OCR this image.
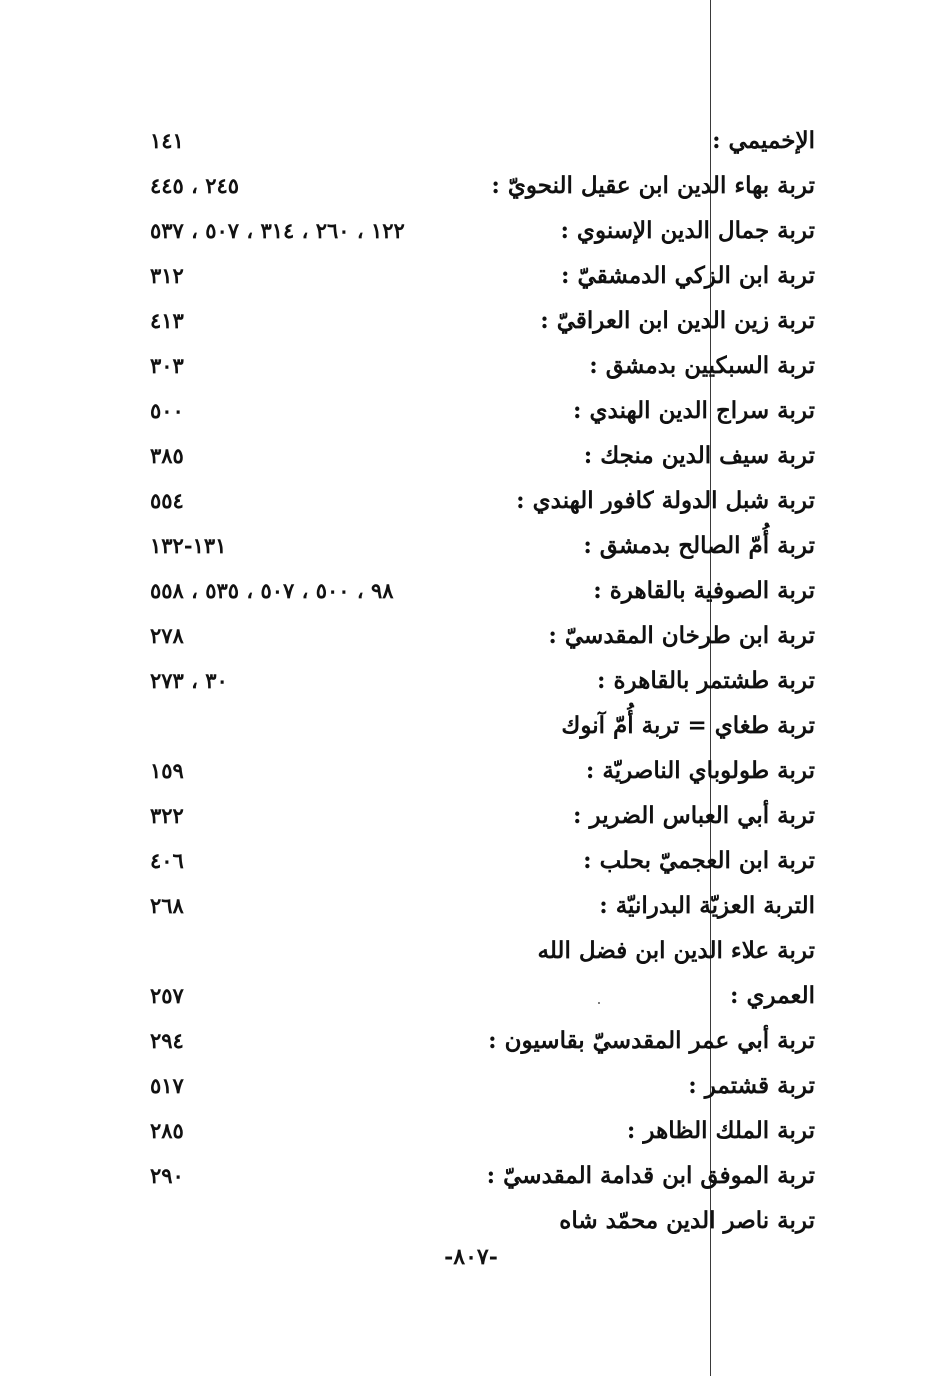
الإخميمي :
١٤١
تربة بهاء الدين ابن عقيل النحويّ :
٢٤٥ ، ٤٤٥
تربة جمال الدين الإسنوي :
١٢٢ ، ٢٦٠ ، ٣١٤ ، ٥٠٧ ، ٥٣٧
تربة ابن الزكي الدمشقيّ :
٣١٢
تربة زين الدين ابن العراقيّ :
٤١٣
تربة السبكيين بدمشق :
٣٠٣
تربة سراج الدين الهندي :
٥٠٠
تربة سيف الدين منجك :
٣٨٥
تربة شبل الدولة كافور الهندي :
٥٥٤
تربة أُمّ الصالح بدمشق :
١٣١-١٣٢
تربة الصوفية بالقاهرة :
٩٨ ، ٥٠٠ ، ٥٠٧ ، ٥٣٥ ، ٥٥٨
تربة ابن طرخان المقدسيّ :
٢٧٨
تربة طشتمر بالقاهرة :
٣٠ ، ٢٧٣
تربة طغاي = تربة أُمّ آنوك
تربة طولوباي الناصريّة :
١٥٩
تربة أبي العباس الضرير :
٣٢٢
تربة ابن العجميّ بحلب :
٤٠٦
التربة العزيّة البدرانيّة :
٢٦٨
تربة علاء الدين ابن فضل الله
العمري :
٢٥٧
تربة أبي عمر المقدسيّ بقاسيون :
٢٩٤
تربة قشتمر :
٥١٧
تربة الملك الظاهر :
٢٨٥
تربة الموفق ابن قدامة المقدسيّ :
٢٩٠
تربة ناصر الدين محمّد شاه
-٨٠٧-
